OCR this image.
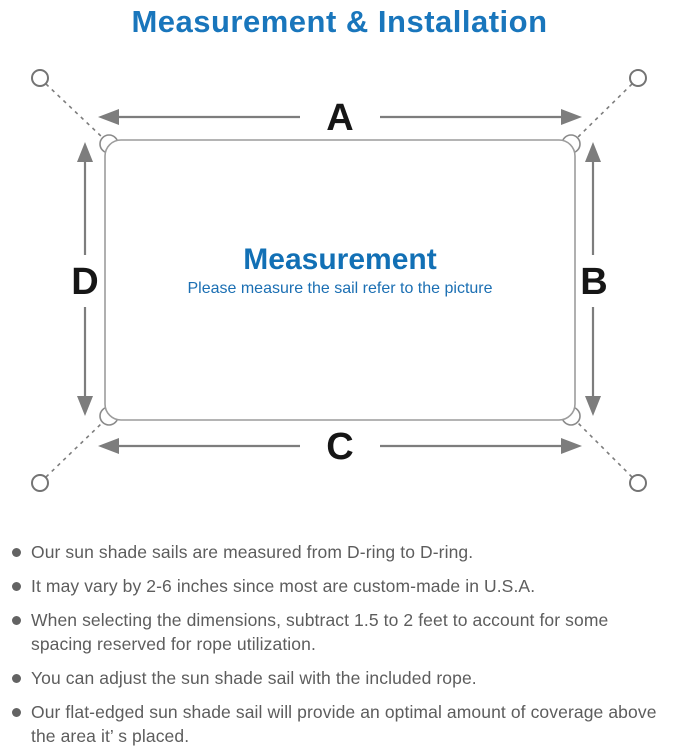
Measurement & Installation
Measurement
Please measure the sail refer to the picture
A
C
D	B
Our sun shade sails are measured from D-ring to D-ring.
It may vary by 2-6 inches since most are custom-made in U.S.A.
When selecting the dimensions, subtract 1.5 to 2 feet to account for some spacing reserved for rope utilization.
You can adjust the sun shade sail with the included rope.
Our flat-edged sun shade sail will provide an optimal amount of coverage above the area it’ s placed.
